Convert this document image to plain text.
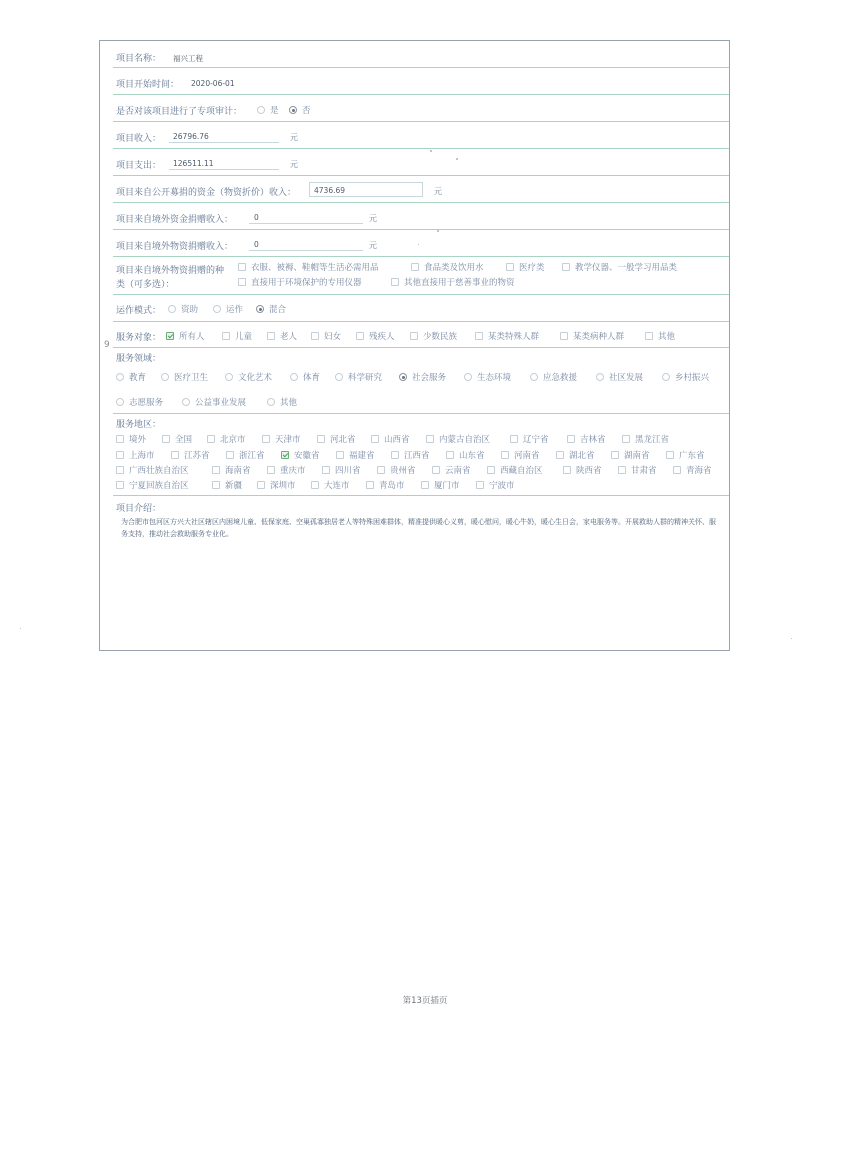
项目名称： 福兴工程
项目开始时间： 2020-06-01
是否对该项目进行了专项审计：	是	否
项目收入： 26796.76	元
项目支出： 126511.11	元
项目来自公开募捐的资金（物资折价）收入： 4736.69	元
项目来自境外资金捐赠收入：	0	元
项目来自境外物资捐赠收入：	0	元
项目来自境外物资捐赠的种
类（可多选）：
衣服、被褥、鞋帽等生活必需用品	食品类及饮用水	医疗类	教学仪器、一般学习用品类
直接用于环境保护的专用仪器	其他直接用于慈善事业的物资
运作模式：	资助	运作	混合
服务对象：	所有人	儿童	老人	妇女	残疾人	少数民族	某类特殊人群	某类病种人群	其他
服务领域：
教育	医疗卫生	文化艺术	体育	科学研究	社会服务	生态环境	应急救援	社区发展	乡村振兴
志愿服务	公益事业发展	其他
服务地区：
境外	全国	北京市	天津市	河北省	山西省	内蒙古自治区	辽宁省	吉林省	黑龙江省
上海市	江苏省	浙江省	安徽省	福建省	江西省	山东省	河南省	湖北省	湖南省	广东省
广西壮族自治区	海南省	重庆市	四川省	贵州省	云南省	西藏自治区	陕西省	甘肃省	青海省
宁夏回族自治区	新疆	深圳市	大连市	青岛市	厦门市	宁波市
项目介绍：
为合肥市包河区方兴大社区辖区内困境儿童、低保家庭、空巢孤寡独居老人等特殊困难群体，精准提供暖心义剪，暖心慰问，暖心牛奶，暖心生日会，家电服务等。开展救助人群的精神关怀、服务支持，推动社会救助服务专业化。
9
第13页插页
